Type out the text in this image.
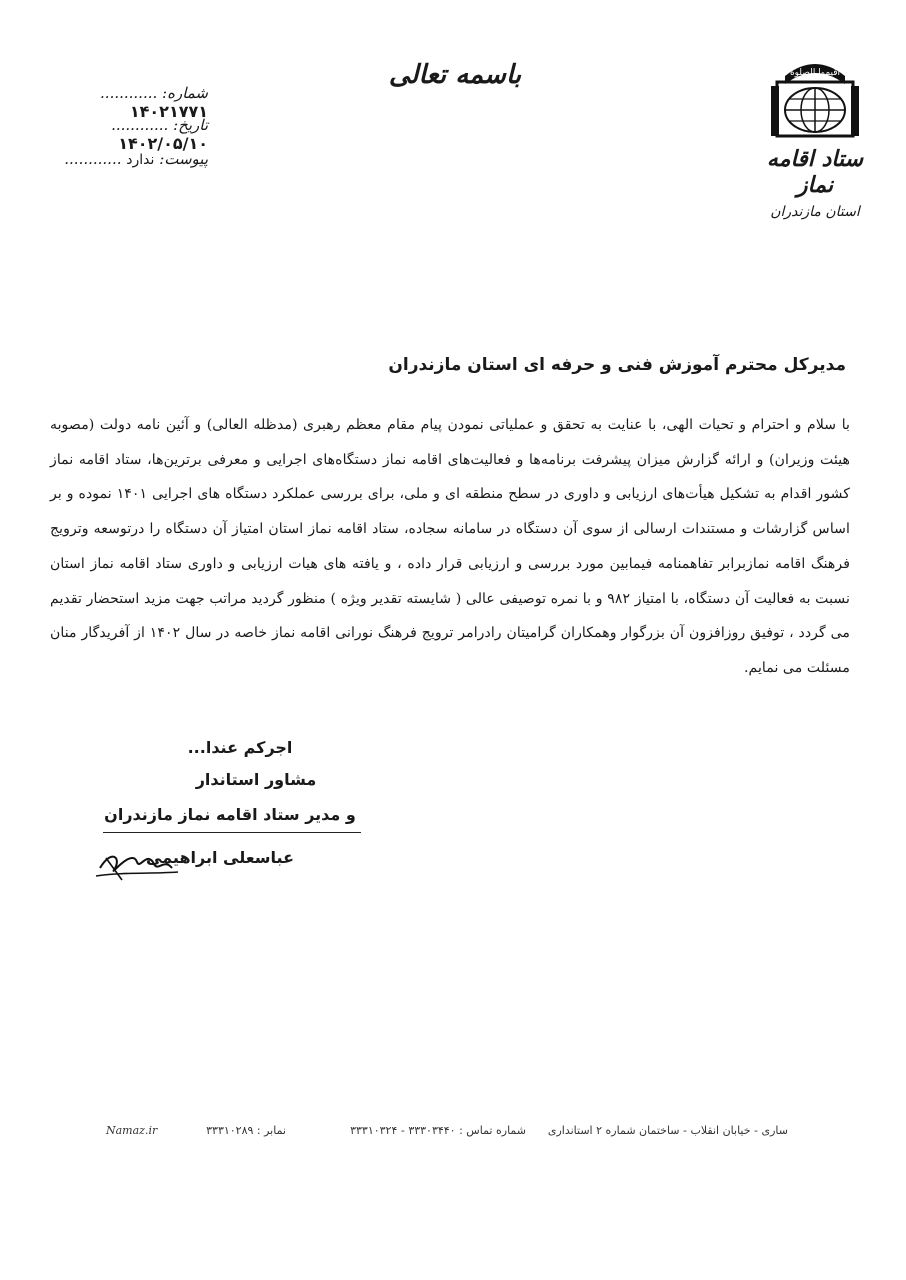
باسمه تعالی	اقیموا الصلوة
ستاد اقامه نماز
استان مازندران
شماره: ............ ۱۴۰۲۱۷۷۱
تاریخ: ............ ۱۴۰۲/۰۵/۱۰
پیوست: ندارد ............
مدیرکل محترم آموزش فنی و حرفه ای استان مازندران
با سلام و احترام و تحیات الهی، با عنایت به تحقق و عملیاتی نمودن پیام مقام معظم رهبری (مدظله العالی) و آئین نامه دولت (مصوبه هیئت وزیران) و ارائه گزارش میزان پیشرفت برنامه‌ها و فعالیت‌های اقامه نماز دستگاه‌های اجرایی و معرفی برترین‌ها، ستاد اقامه نماز کشور اقدام به تشکیل هیأت‌های ارزیابی و داوری در سطح منطقه ای و ملی، برای بررسی عملکرد دستگاه های اجرایی ۱۴۰۱ نموده و بر اساس گزارشات و مستندات ارسالی از سوی آن دستگاه در سامانه سجاده، ستاد اقامه نماز استان امتیاز آن دستگاه را درتوسعه وترویج فرهنگ اقامه نمازبرابر تفاهمنامه فیمابین مورد بررسی و ارزیابی قرار داده ، و یافته های هیات ارزیابی و داوری ستاد اقامه نماز استان نسبت به فعالیت آن دستگاه، با امتیاز ۹۸۲ و با نمره توصیفی عالی ( شایسته تقدیر ویژه ) منظور گردید مراتب جهت مزید استحضار تقدیم می گردد ، توفیق روزافزون آن بزرگوار وهمکاران گرامیتان رادرامر ترویج فرهنگ نورانی اقامه نماز خاصه در سال ۱۴۰۲ از آفریدگار منان مسئلت می نمایم.
اجرکم عندا...
مشاور استاندار
و مدیر ستاد اقامه نماز مازندران
عباسعلی ابراهیمی
ساری - خیابان انقلاب - ساختمان شماره ۲ استانداری
شماره تماس : ۳۳۳۰۳۴۴۰ - ۳۳۳۱۰۳۲۴
نمابر : ۳۳۳۱۰۲۸۹
Namaz.ir
